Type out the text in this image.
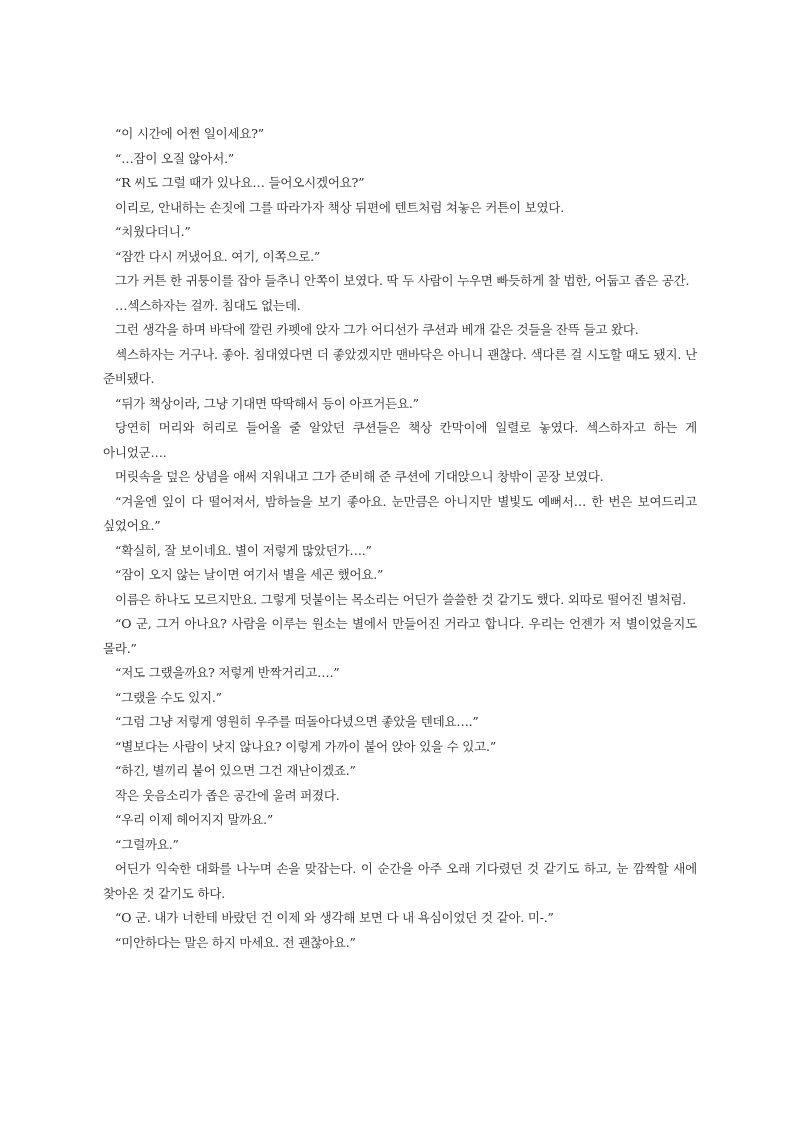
“이 시간에 어쩐 일이세요?”

“…잠이 오질 않아서.”

“R 씨도 그럴 때가 있나요… 들어오시겠어요?”

이리로, 안내하는 손짓에 그를 따라가자 책상 뒤편에 텐트처럼 쳐놓은 커튼이 보였다.

“치웠다더니.”

“잠깐 다시 꺼냈어요. 여기, 이쪽으로.”

그가 커튼 한 귀퉁이를 잡아 들추니 안쪽이 보였다. 딱 두 사람이 누우면 빠듯하게 찰 법한, 어둡고 좁은 공간.

…섹스하자는 걸까. 침대도 없는데.

그런 생각을 하며 바닥에 깔린 카펫에 앉자 그가 어디선가 쿠션과 베개 같은 것들을 잔뜩 들고 왔다.

섹스하자는 거구나. 좋아. 침대였다면 더 좋았겠지만 맨바닥은 아니니 괜찮다. 색다른 걸 시도할 때도 됐지. 난 준비됐다.

“뒤가 책상이라, 그냥 기대면 딱딱해서 등이 아프거든요.”

당연히 머리와 허리로 들어올 줄 알았던 쿠션들은 책상 칸막이에 일렬로 놓였다. 섹스하자고 하는 게 아니었군….

머릿속을 덮은 상념을 애써 지워내고 그가 준비해 준 쿠션에 기대앉으니 창밖이 곧장 보였다.

“겨울엔 잎이 다 떨어져서, 밤하늘을 보기 좋아요. 눈만큼은 아니지만 별빛도 예뻐서… 한 번은 보여드리고 싶었어요.”

“확실히, 잘 보이네요. 별이 저렇게 많았던가….”

“잠이 오지 않는 날이면 여기서 별을 세곤 했어요.”

이름은 하나도 모르지만요. 그렇게 덧붙이는 목소리는 어딘가 쓸쓸한 것 같기도 했다. 외따로 떨어진 별처럼.

“O 군, 그거 아나요? 사람을 이루는 원소는 별에서 만들어진 거라고 합니다. 우리는 언젠가 저 별이었을지도 몰라.”

“저도 그랬을까요? 저렇게 반짝거리고….”

“그랬을 수도 있지.”

“그럼 그냥 저렇게 영원히 우주를 떠돌아다녔으면 좋았을 텐데요….”

“별보다는 사람이 낫지 않나요? 이렇게 가까이 붙어 앉아 있을 수 있고.”

“하긴, 별끼리 붙어 있으면 그건 재난이겠죠.”

작은 웃음소리가 좁은 공간에 울려 퍼졌다.

“우리 이제 헤어지지 말까요.”

“그럴까요.”

어딘가 익숙한 대화를 나누며 손을 맞잡는다. 이 순간을 아주 오래 기다렸던 것 같기도 하고, 눈 깜짝할 새에 찾아온 것 같기도 하다.

“O 군. 내가 너한테 바랐던 건 이제 와 생각해 보면 다 내 욕심이었던 것 같아. 미-.”

“미안하다는 말은 하지 마세요. 전 괜찮아요.”
